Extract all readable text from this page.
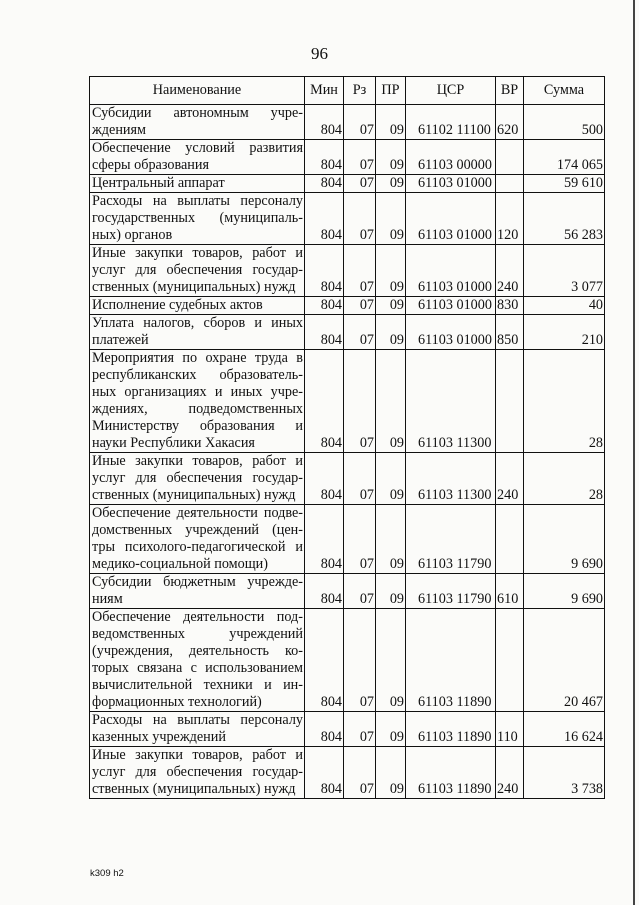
96
Наименование	Мин	Рз	ПР	ЦСР	ВР	Сумма
Субсидии автономным учре-ждениям	804	07	09	61102 11100	620	500
Обеспечение условий развития сферы образования	804	07	09	61103 00000		174 065
Центральный аппарат	804	07	09	61103 01000		59 610
Расходы на выплаты персоналу государственных (муниципаль-ных) органов	804	07	09	61103 01000	120	56 283
Иные закупки товаров, работ и услуг для обеспечения государ-ственных (муниципальных) нужд	804	07	09	61103 01000	240	3 077
Исполнение судебных актов	804	07	09	61103 01000	830	40
Уплата налогов, сборов и иных платежей	804	07	09	61103 01000	850	210
Мероприятия по охране труда в республиканских образователь-ных организациях и иных учре-ждениях, подведомственных Министерству образования и науки Республики Хакасия	804	07	09	61103 11300		28
Иные закупки товаров, работ и услуг для обеспечения государ-ственных (муниципальных) нужд	804	07	09	61103 11300	240	28
Обеспечение деятельности подве-домственных учреждений (цен-тры психолого-педагогической и медико-социальной помощи)	804	07	09	61103 11790		9 690
Субсидии бюджетным учрежде-ниям	804	07	09	61103 11790	610	9 690
Обеспечение деятельности под-ведомственных учреждений (учреждения, деятельность ко-торых связана с использованием вычислительной техники и ин-формационных технологий)	804	07	09	61103 11890		20 467
Расходы на выплаты персоналу казенных учреждений	804	07	09	61103 11890	110	16 624
Иные закупки товаров, работ и услуг для обеспечения государ-ственных (муниципальных) нужд	804	07	09	61103 11890	240	3 738
k309 h2
